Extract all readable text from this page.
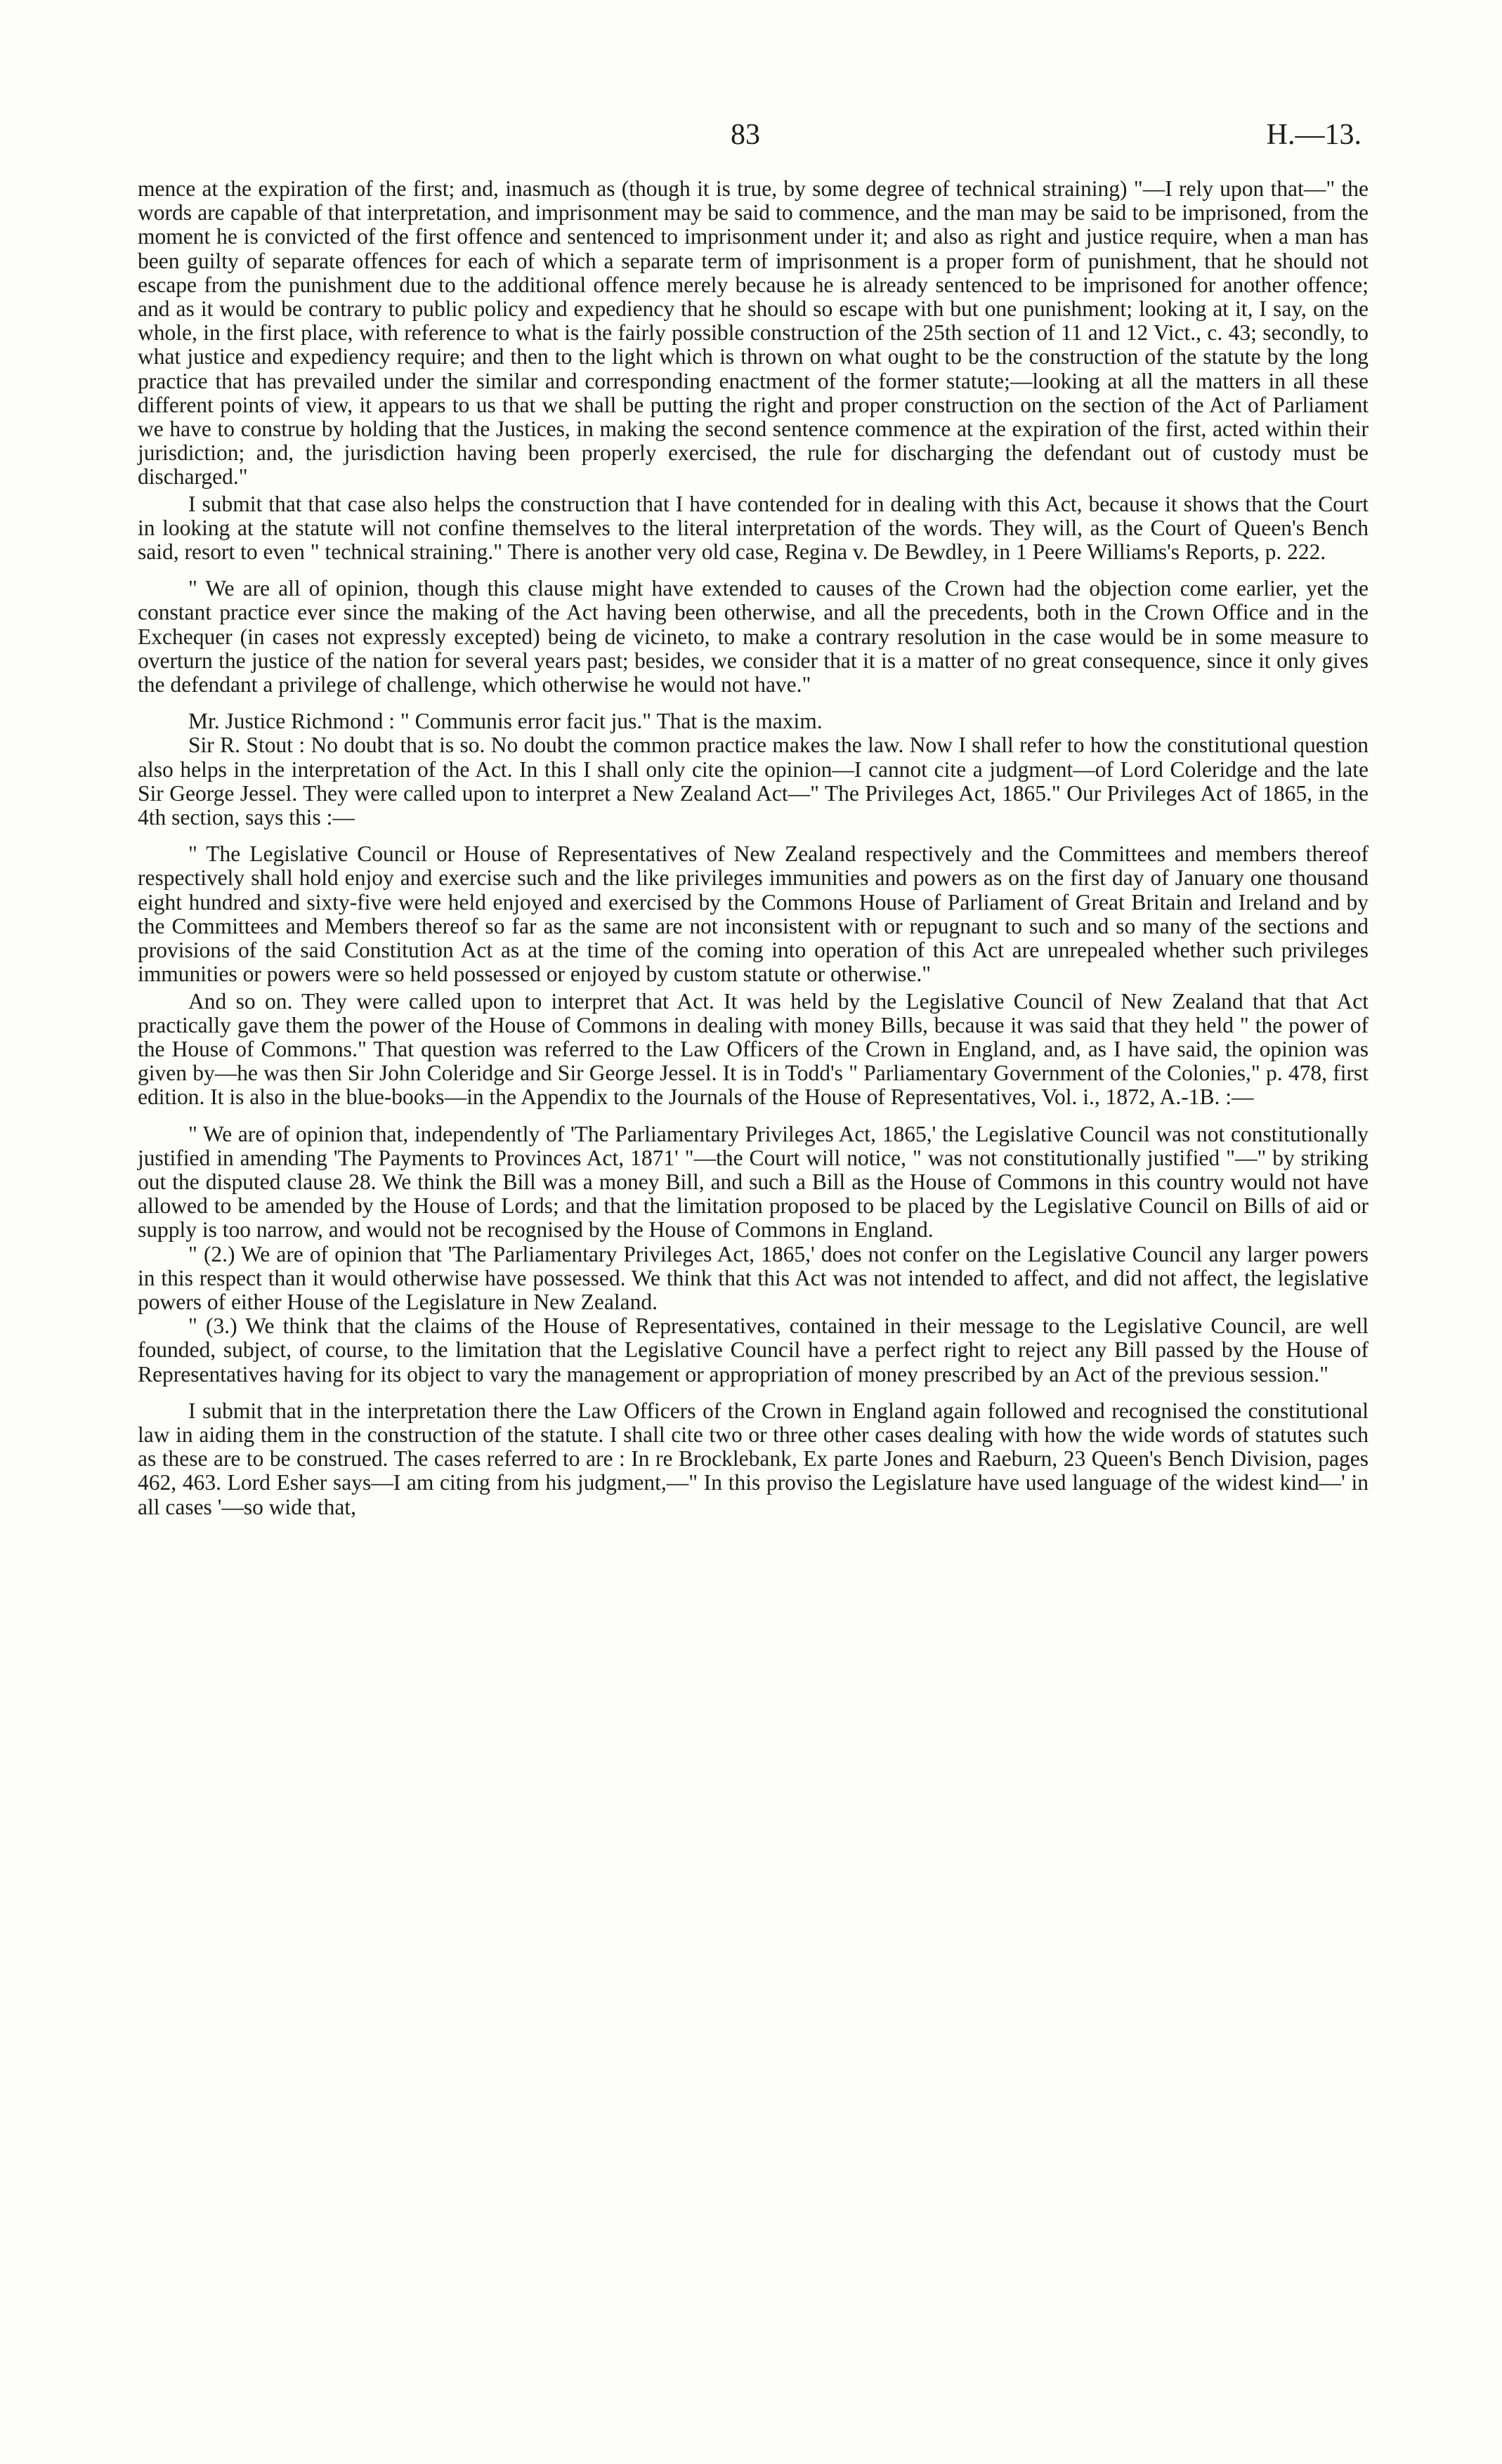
83	H.—13.

mence at the expiration of the first; and, inasmuch as (though it is true, by some degree of technical straining) "—I rely upon that—" the words are capable of that interpretation, and imprisonment may be said to commence, and the man may be said to be imprisoned, from the moment he is convicted of the first offence and sentenced to imprisonment under it; and also as right and justice require, when a man has been guilty of separate offences for each of which a separate term of imprisonment is a proper form of punishment, that he should not escape from the punishment due to the additional offence merely because he is already sentenced to be imprisoned for another offence; and as it would be contrary to public policy and expediency that he should so escape with but one punishment; looking at it, I say, on the whole, in the first place, with reference to what is the fairly possible construction of the 25th section of 11 and 12 Vict., c. 43; secondly, to what justice and expediency require; and then to the light which is thrown on what ought to be the construction of the statute by the long practice that has prevailed under the similar and corresponding enactment of the former statute;—looking at all the matters in all these different points of view, it appears to us that we shall be putting the right and proper construction on the section of the Act of Parliament we have to construe by holding that the Justices, in making the second sentence commence at the expiration of the first, acted within their jurisdiction; and, the jurisdiction having been properly exercised, the rule for discharging the defendant out of custody must be discharged."

I submit that that case also helps the construction that I have contended for in dealing with this Act, because it shows that the Court in looking at the statute will not confine themselves to the literal interpretation of the words. They will, as the Court of Queen's Bench said, resort to even " technical straining." There is another very old case, Regina v. De Bewdley, in 1 Peere Williams's Reports, p. 222.

" We are all of opinion, though this clause might have extended to causes of the Crown had the objection come earlier, yet the constant practice ever since the making of the Act having been otherwise, and all the precedents, both in the Crown Office and in the Exchequer (in cases not expressly excepted) being de vicineto, to make a contrary resolution in the case would be in some measure to overturn the justice of the nation for several years past; besides, we consider that it is a matter of no great consequence, since it only gives the defendant a privilege of challenge, which otherwise he would not have."

Mr. Justice Richmond : " Communis error facit jus." That is the maxim.

Sir R. Stout : No doubt that is so. No doubt the common practice makes the law. Now I shall refer to how the constitutional question also helps in the interpretation of the Act. In this I shall only cite the opinion—I cannot cite a judgment—of Lord Coleridge and the late Sir George Jessel. They were called upon to interpret a New Zealand Act—" The Privileges Act, 1865." Our Privileges Act of 1865, in the 4th section, says this :—

" The Legislative Council or House of Representatives of New Zealand respectively and the Committees and members thereof respectively shall hold enjoy and exercise such and the like privileges immunities and powers as on the first day of January one thousand eight hundred and sixty-five were held enjoyed and exercised by the Commons House of Parliament of Great Britain and Ireland and by the Committees and Members thereof so far as the same are not inconsistent with or repugnant to such and so many of the sections and provisions of the said Constitution Act as at the time of the coming into operation of this Act are unrepealed whether such privileges immunities or powers were so held possessed or enjoyed by custom statute or otherwise."

And so on. They were called upon to interpret that Act. It was held by the Legislative Council of New Zealand that that Act practically gave them the power of the House of Commons in dealing with money Bills, because it was said that they held " the power of the House of Commons." That question was referred to the Law Officers of the Crown in England, and, as I have said, the opinion was given by—he was then Sir John Coleridge and Sir George Jessel. It is in Todd's " Parliamentary Government of the Colonies," p. 478, first edition. It is also in the blue-books—in the Appendix to the Journals of the House of Representatives, Vol. i., 1872, A.-1B. :—

" We are of opinion that, independently of 'The Parliamentary Privileges Act, 1865,' the Legislative Council was not constitutionally justified in amending 'The Payments to Provinces Act, 1871' "—the Court will notice, " was not constitutionally justified "—" by striking out the disputed clause 28. We think the Bill was a money Bill, and such a Bill as the House of Commons in this country would not have allowed to be amended by the House of Lords; and that the limitation proposed to be placed by the Legislative Council on Bills of aid or supply is too narrow, and would not be recognised by the House of Commons in England.

" (2.) We are of opinion that 'The Parliamentary Privileges Act, 1865,' does not confer on the Legislative Council any larger powers in this respect than it would otherwise have possessed. We think that this Act was not intended to affect, and did not affect, the legislative powers of either House of the Legislature in New Zealand.

" (3.) We think that the claims of the House of Representatives, contained in their message to the Legislative Council, are well founded, subject, of course, to the limitation that the Legislative Council have a perfect right to reject any Bill passed by the House of Representatives having for its object to vary the management or appropriation of money prescribed by an Act of the previous session."

I submit that in the interpretation there the Law Officers of the Crown in England again followed and recognised the constitutional law in aiding them in the construction of the statute. I shall cite two or three other cases dealing with how the wide words of statutes such as these are to be construed. The cases referred to are : In re Brocklebank, Ex parte Jones and Raeburn, 23 Queen's Bench Division, pages 462, 463. Lord Esher says—I am citing from his judgment,—" In this proviso the Legislature have used language of the widest kind—' in all cases '—so wide that,
